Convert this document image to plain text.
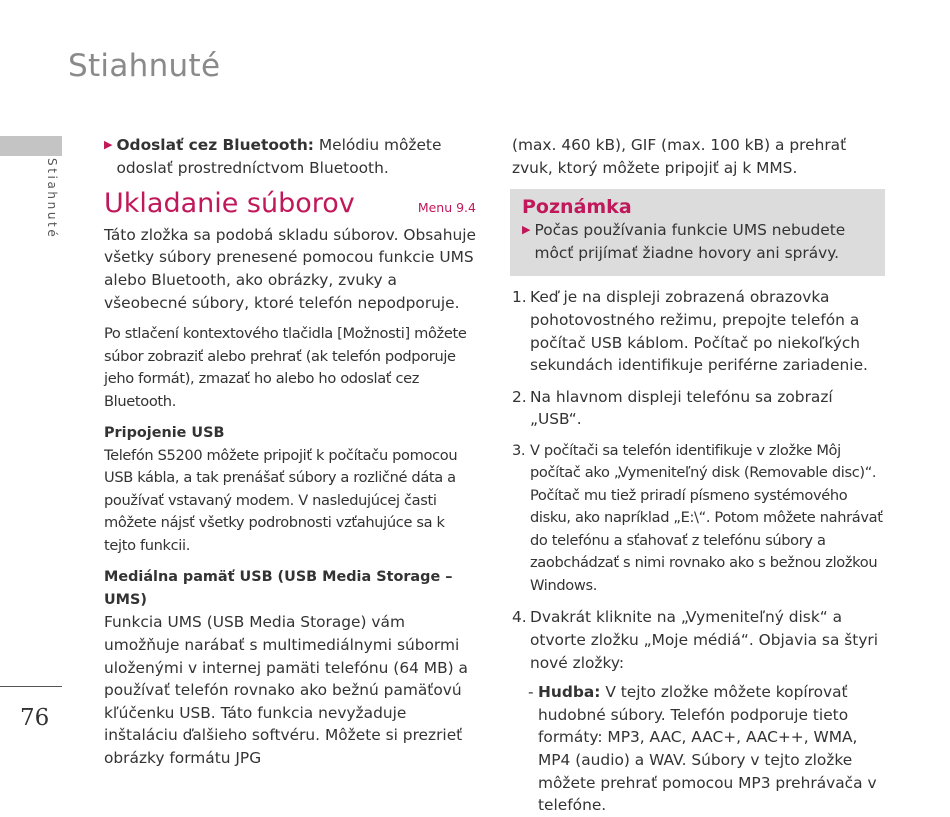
Stiahnuté
Stiahnuté
76
▶ Odoslať cez Bluetooth: Melódiu môžete odoslať prostredníctvom Bluetooth.

Ukladanie súborov	Menu 9.4

Táto zložka sa podobá skladu súborov. Obsahuje všetky súbory prenesené pomocou funkcie UMS alebo Bluetooth, ako obrázky, zvuky a všeobecné súbory, ktoré telefón nepodporuje.

Po stlačení kontextového tlačidla [Možnosti] môžete súbor zobraziť alebo prehrať (ak telefón podporuje jeho formát), zmazať ho alebo ho odoslať cez Bluetooth.

Pripojenie USB

Telefón S5200 môžete pripojiť k počítaču pomocou USB kábla, a tak prenášať súbory a rozličné dáta a používať vstavaný modem. V nasledujúcej časti môžete nájsť všetky podrobnosti vzťahujúce sa k tejto funkcii.

Mediálna pamäť USB (USB Media Storage – UMS)

Funkcia UMS (USB Media Storage) vám umožňuje narábať s multimediálnymi súbormi uloženými v internej pamäti telefónu (64 MB) a používať telefón rovnako ako bežnú pamäťovú kľúčenku USB. Táto funkcia nevyžaduje inštaláciu ďalšieho softvéru. Môžete si prezrieť obrázky formátu JPG

(max. 460 kB), GIF (max. 100 kB) a prehrať zvuk, ktorý môžete pripojiť aj k MMS.

Poznámka
▶ Počas používania funkcie UMS nebudete môcť prijímať žiadne hovory ani správy.

1. Keď je na displeji zobrazená obrazovka pohotovostného režimu, prepojte telefón a počítač USB káblom. Počítač po niekoľkých sekundách identifikuje periférne zariadenie.
2. Na hlavnom displeji telefónu sa zobrazí „USB“.
3. V počítači sa telefón identifikuje v zložke Môj počítač ako „Vymeniteľný disk (Removable disc)“. Počítač mu tiež priradí písmeno systémového disku, ako napríklad „E:\“. Potom môžete nahrávať do telefónu a sťahovať z telefónu súbory a zaobchádzať s nimi rovnako ako s bežnou zložkou Windows.
4. Dvakrát kliknite na „Vymeniteľný disk“ a otvorte zložku „Moje médiá“. Objavia sa štyri nové zložky:
- Hudba: V tejto zložke môžete kopírovať hudobné súbory. Telefón podporuje tieto formáty: MP3, AAC, AAC+, AAC++, WMA, MP4 (audio) a WAV. Súbory v tejto zložke môžete prehrať pomocou MP3 prehrávača v telefóne.
